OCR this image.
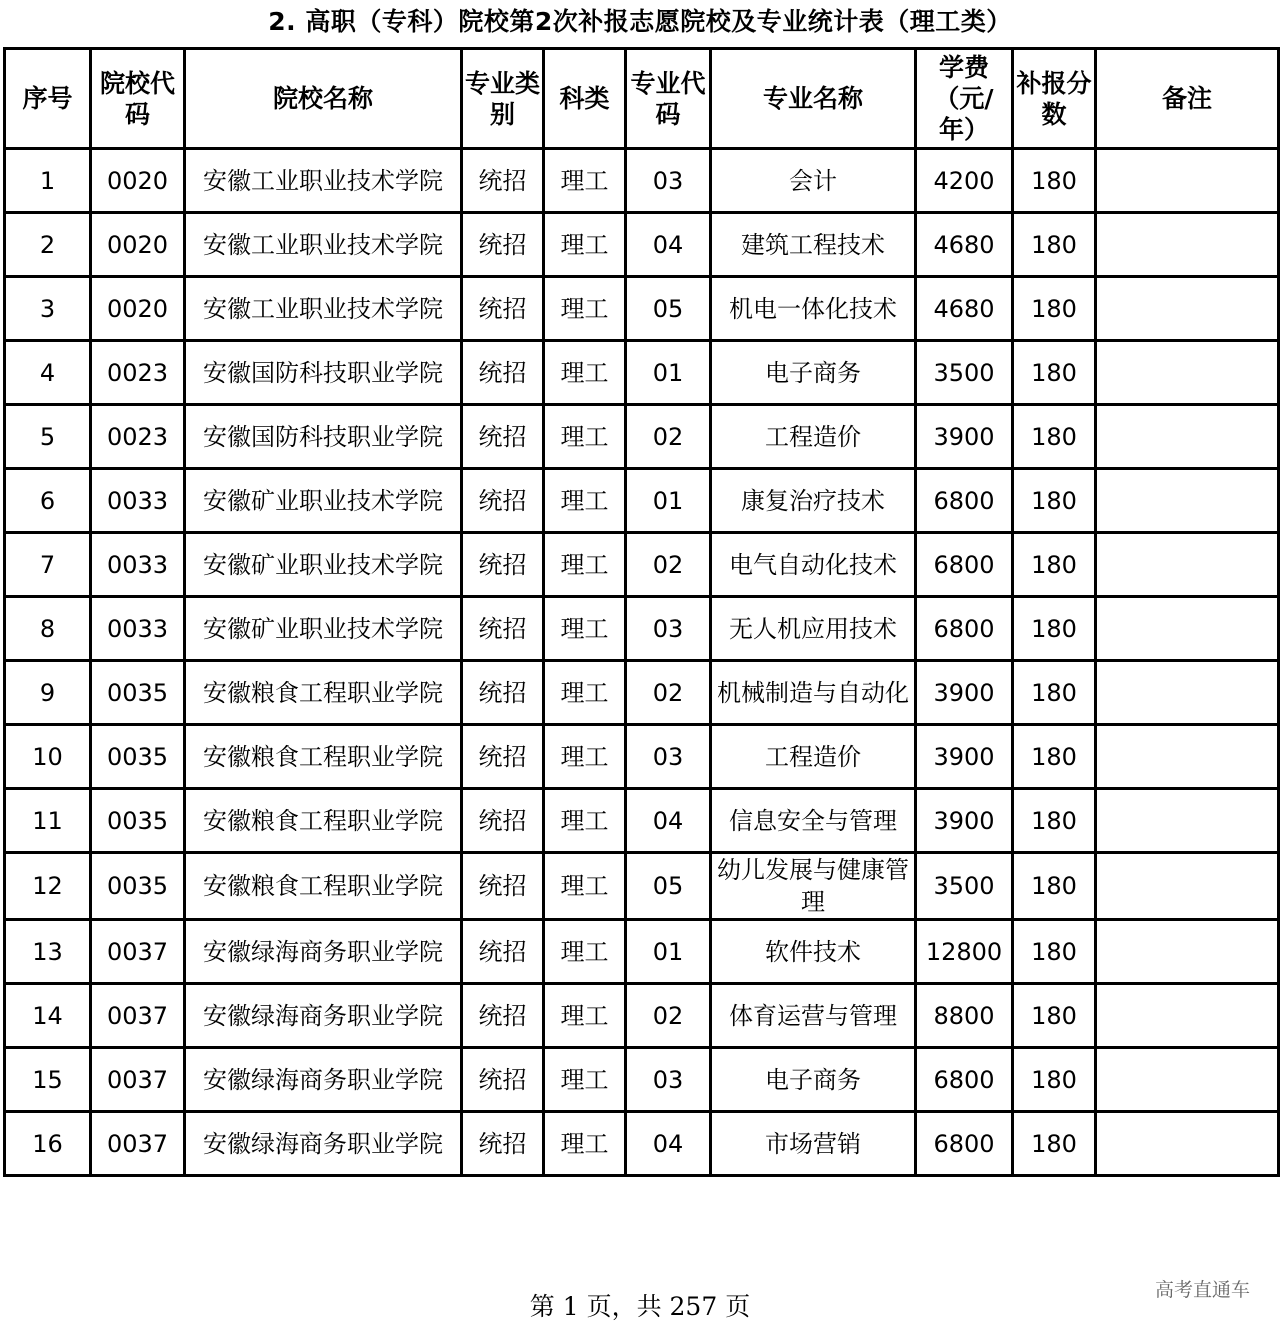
2. 高职（专科）院校第2次补报志愿院校及专业统计表（理工类）
序号	院校代码	院校名称	专业类别	科类	专业代码	专业名称	学费（元/年）	补报分数	备注
1	0020	安徽工业职业技术学院	统招	理工	03	会计	4200	180	
2	0020	安徽工业职业技术学院	统招	理工	04	建筑工程技术	4680	180	
3	0020	安徽工业职业技术学院	统招	理工	05	机电一体化技术	4680	180	
4	0023	安徽国防科技职业学院	统招	理工	01	电子商务	3500	180	
5	0023	安徽国防科技职业学院	统招	理工	02	工程造价	3900	180	
6	0033	安徽矿业职业技术学院	统招	理工	01	康复治疗技术	6800	180	
7	0033	安徽矿业职业技术学院	统招	理工	02	电气自动化技术	6800	180	
8	0033	安徽矿业职业技术学院	统招	理工	03	无人机应用技术	6800	180	
9	0035	安徽粮食工程职业学院	统招	理工	02	机械制造与自动化	3900	180	
10	0035	安徽粮食工程职业学院	统招	理工	03	工程造价	3900	180	
11	0035	安徽粮食工程职业学院	统招	理工	04	信息安全与管理	3900	180	
12	0035	安徽粮食工程职业学院	统招	理工	05	幼儿发展与健康管理	3500	180	
13	0037	安徽绿海商务职业学院	统招	理工	01	软件技术	12800	180	
14	0037	安徽绿海商务职业学院	统招	理工	02	体育运营与管理	8800	180	
15	0037	安徽绿海商务职业学院	统招	理工	03	电子商务	6800	180	
16	0037	安徽绿海商务职业学院	统招	理工	04	市场营销	6800	180	
第 1 页，共 257 页
高考直通车
